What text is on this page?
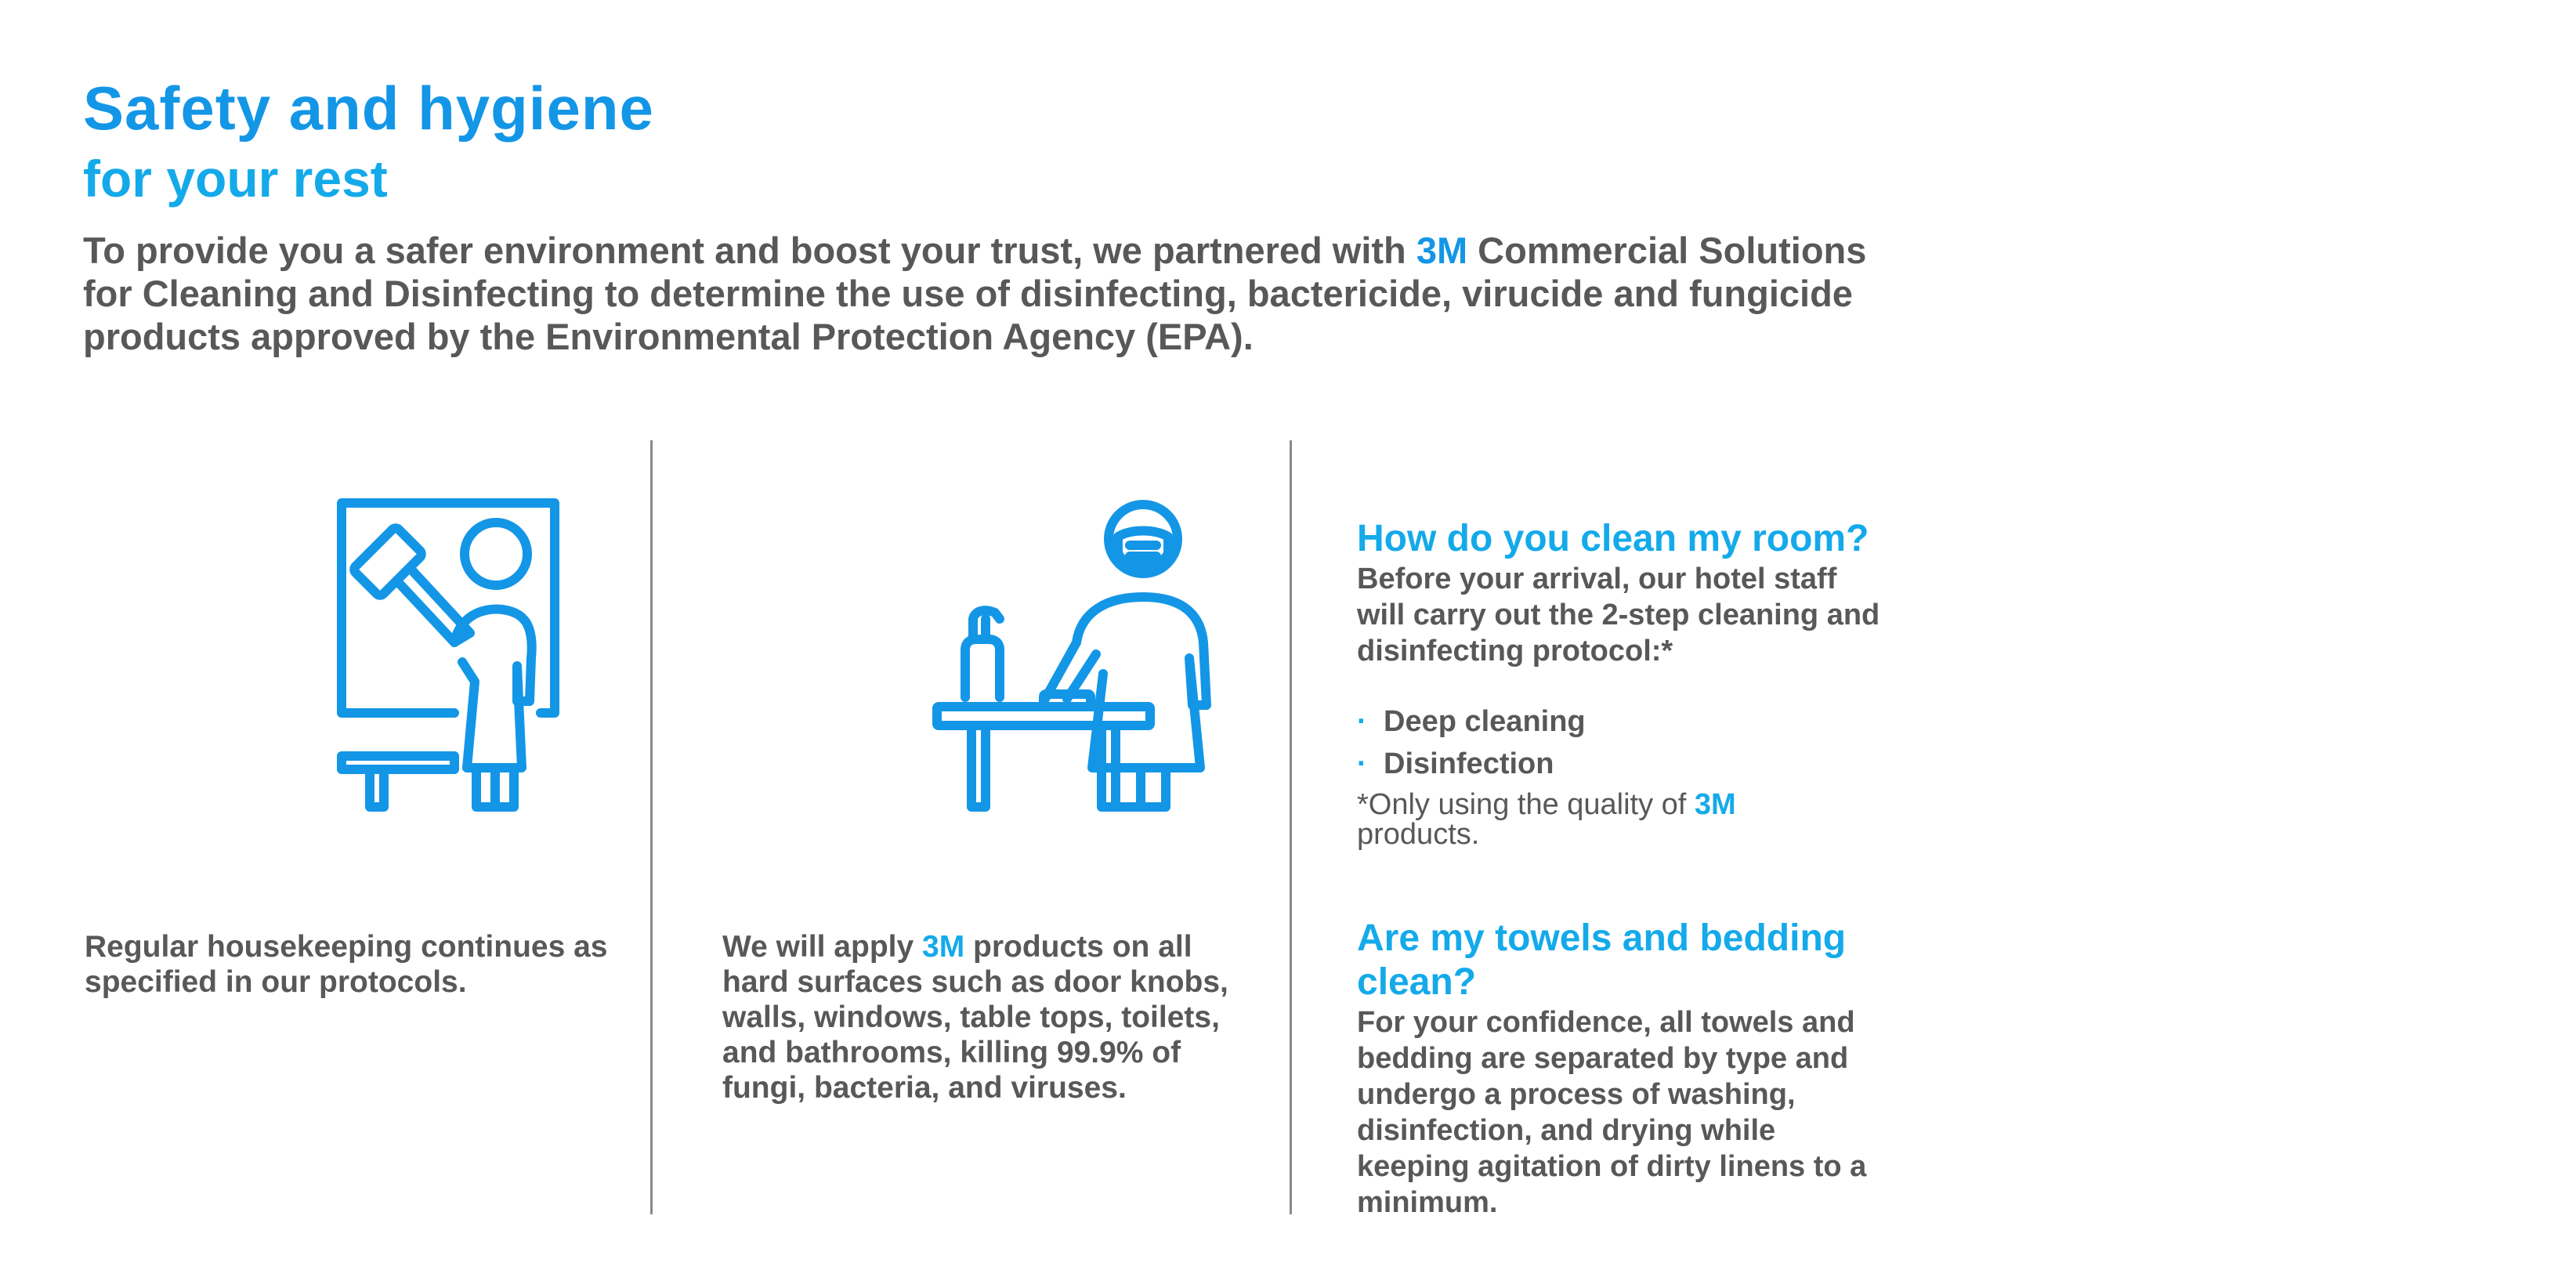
Safety and hygiene
for your rest
To provide you a safer environment and boost your trust, we partnered with 3M Commercial Solutions for Cleaning and Disinfecting to determine the use of disinfecting, bactericide, virucide and fungicide products approved by the Environmental Protection Agency (EPA).
Regular housekeeping continues as specified in our protocols.
We will apply 3M products on all hard surfaces such as door knobs, walls, windows, table tops, toilets, and bathrooms, killing 99.9% of fungi, bacteria, and viruses.
How do you clean my room?
Before your arrival, our hotel staff will carry out the 2-step cleaning and disinfecting protocol:*
· Deep cleaning
· Disinfection
*Only using the quality of 3M products.
Are my towels and bedding clean?
For your confidence, all towels and bedding are separated by type and undergo a process of washing, disinfection, and drying while keeping agitation of dirty linens to a minimum.
